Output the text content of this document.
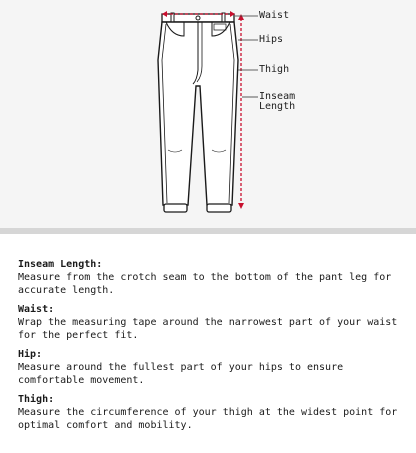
Waist
Hips
Thigh
Inseam
Length
Inseam Length:

Measure from the crotch seam to the bottom of the pant leg for accurate length.

Waist:

Wrap the measuring tape around the narrowest part of your waist for the perfect fit.

Hip:

Measure around the fullest part of your hips to ensure comfortable movement.

Thigh:

Measure the circumference of your thigh at the widest point for optimal comfort and mobility.
